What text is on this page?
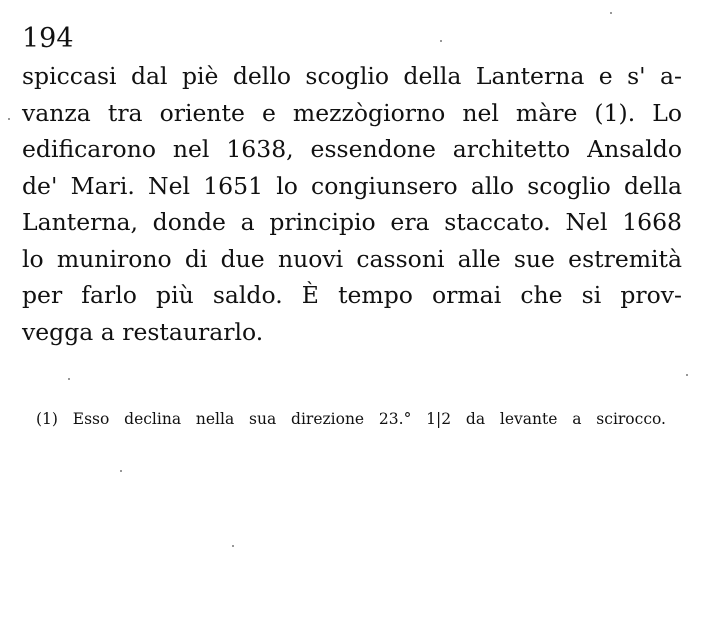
194
spiccasi dal piè dello scoglio della Lanterna e s' a-
vanza tra oriente e mezzògiorno nel màre (1). Lo
edificarono nel 1638, essendone architetto Ansaldo
de' Mari. Nel 1651 lo congiunsero allo scoglio della
Lanterna, donde a principio era staccato. Nel 1668
lo munirono di due nuovi cassoni alle sue estremità
per farlo più saldo. È tempo ormai che si prov-
vegga a restaurarlo.
(1) Esso declina nella sua direzione 23.° 1|2 da levante a scirocco.
